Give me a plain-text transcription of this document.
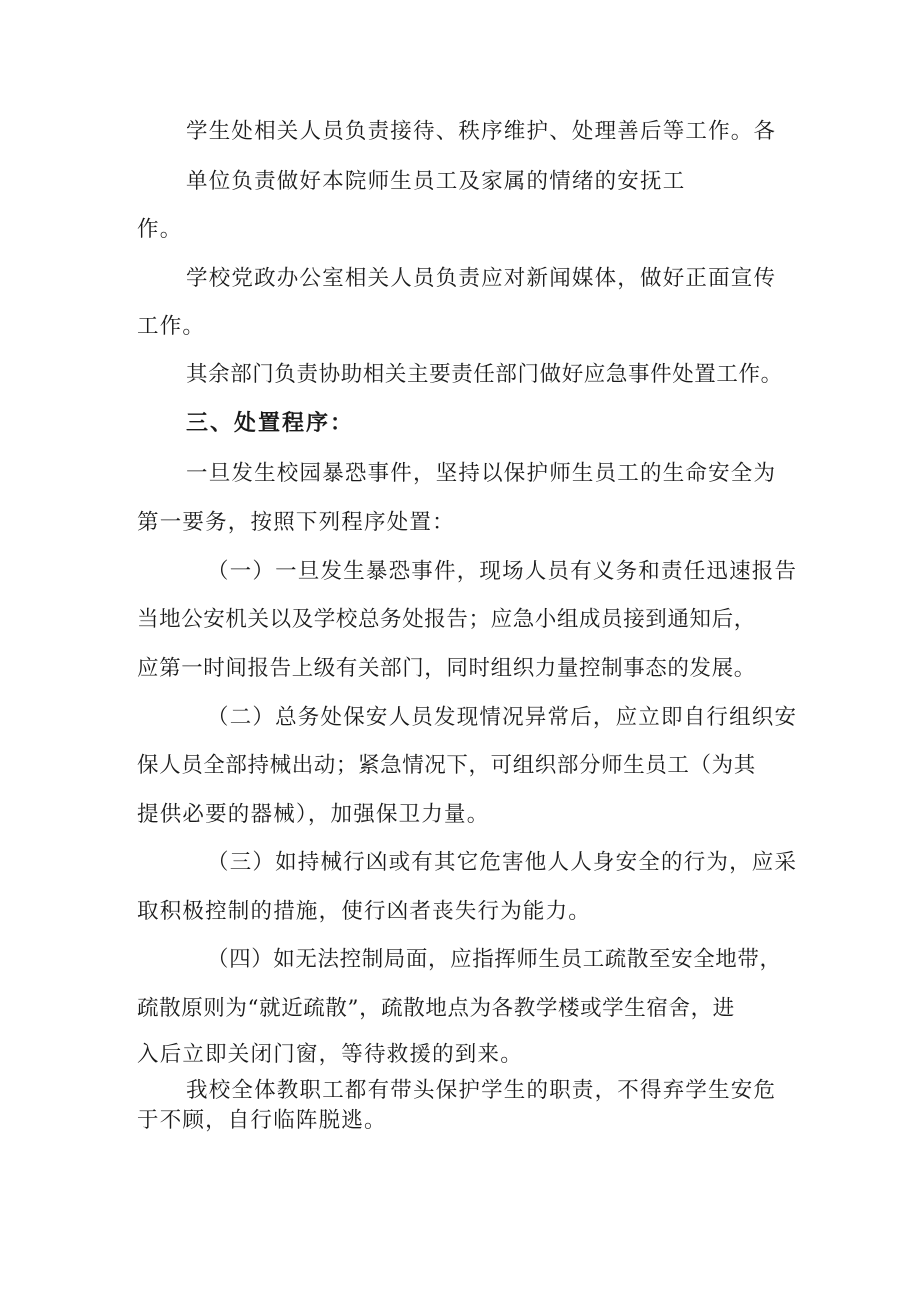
学生处相关人员负责接待、秩序维护、处理善后等工作。各
单位负责做好本院师生员工及家属的情绪的安抚工
作。
学校党政办公室相关人员负责应对新闻媒体，做好正面宣传
工作。
其余部门负责协助相关主要责任部门做好应急事件处置工作。
三、处置程序：
一旦发生校园暴恐事件，坚持以保护师生员工的生命安全为
第一要务，按照下列程序处置：
（一）一旦发生暴恐事件，现场人员有义务和责任迅速报告
当地公安机关以及学校总务处报告；应急小组成员接到通知后，
应第一时间报告上级有关部门，同时组织力量控制事态的发展。
（二）总务处保安人员发现情况异常后，应立即自行组织安
保人员全部持械出动；紧急情况下，可组织部分师生员工（为其
提供必要的器械），加强保卫力量。
（三）如持械行凶或有其它危害他人人身安全的行为，应采
取积极控制的措施，使行凶者丧失行为能力。
（四）如无法控制局面，应指挥师生员工疏散至安全地带，
疏散原则为“就近疏散”，疏散地点为各教学楼或学生宿舍，进
入后立即关闭门窗，等待救援的到来。
我校全体教职工都有带头保护学生的职责，不得弃学生安危
于不顾，自行临阵脱逃。
